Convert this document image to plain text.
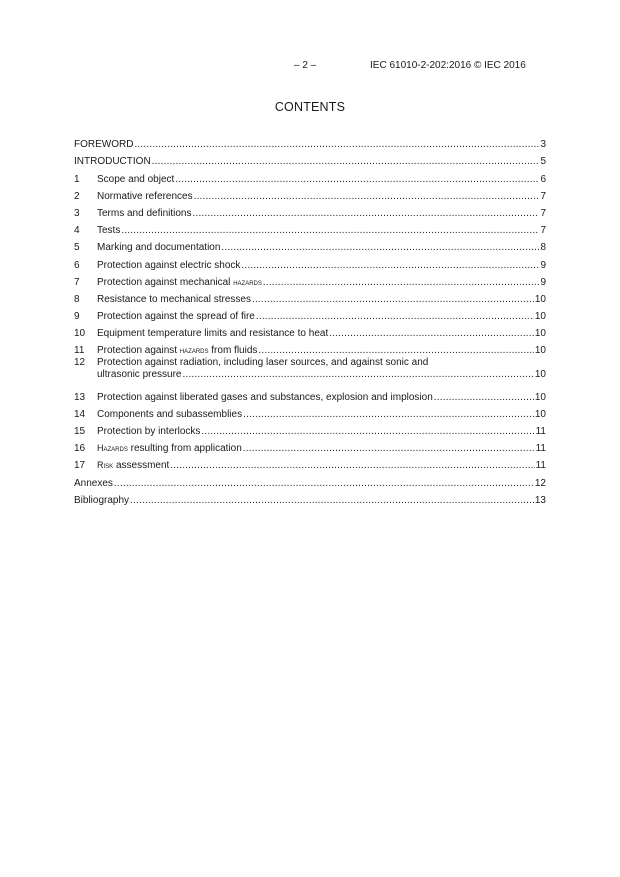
– 2 –	IEC 61010-2-202:2016 © IEC 2016
CONTENTS
FOREWORD .....	3
INTRODUCTION .....	5
1	Scope and object .....	6
2	Normative references .....	7
3	Terms and definitions .....	7
4	Tests .....	7
5	Marking and documentation .....	8
6	Protection against electric shock .....	9
7	Protection against mechanical hazards .....	9
8	Resistance to mechanical stresses .....	10
9	Protection against the spread of fire .....	10
10	Equipment temperature limits and resistance to heat .....	10
11	Protection against hazards from fluids .....	10
12	Protection against radiation, including laser sources, and against sonic and
ultrasonic pressure .....	10
13	Protection against liberated gases and substances, explosion and implosion .....	10
14	Components and subassemblies .....	10
15	Protection by interlocks .....	11
16	Hazards resulting from application .....	11
17	Risk assessment .....	11
Annexes .....	12
Bibliography .....	13
